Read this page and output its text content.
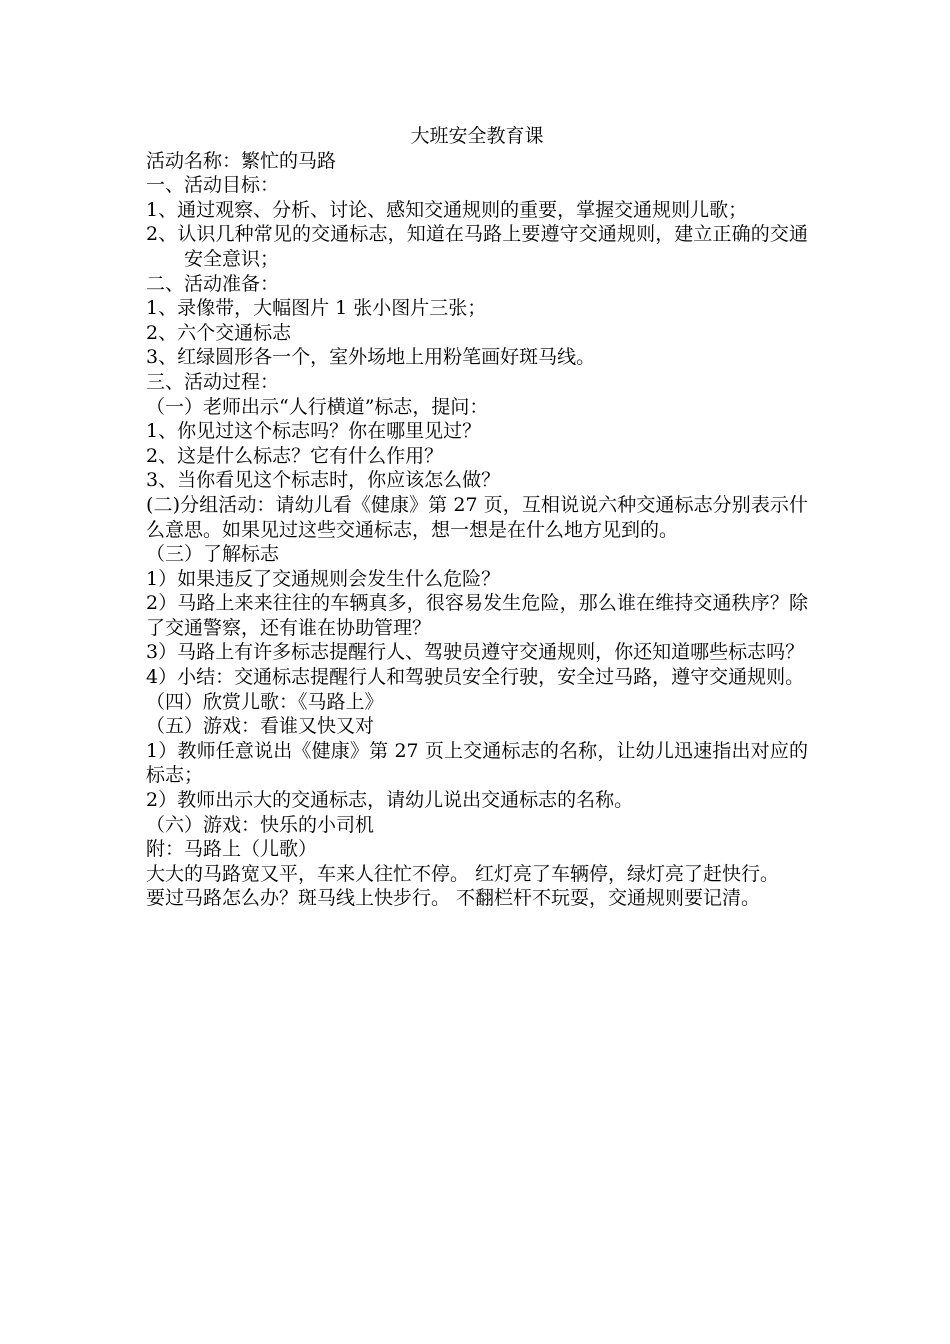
大班安全教育课

活动名称：繁忙的马路

一、活动目标：

1、通过观察、分析、讨论、感知交通规则的重要，掌握交通规则儿歌；

2、认识几种常见的交通标志，知道在马路上要遵守交通规则，建立正确的交通安全意识；

二、活动准备：

1、录像带，大幅图片 1 张小图片三张；

2、六个交通标志

3、红绿圆形各一个，室外场地上用粉笔画好斑马线。

三、活动过程：

（一）老师出示“人行横道”标志，提问：

1、你见过这个标志吗？你在哪里见过？

2、这是什么标志？它有什么作用？

3、当你看见这个标志时，你应该怎么做？

(二)分组活动：请幼儿看《健康》第 27 页，互相说说六种交通标志分别表示什么意思。如果见过这些交通标志，想一想是在什么地方见到的。

（三）了解标志

1）如果违反了交通规则会发生什么危险？

2）马路上来来往往的车辆真多，很容易发生危险，那么谁在维持交通秩序？除了交通警察，还有谁在协助管理？

3）马路上有许多标志提醒行人、驾驶员遵守交通规则，你还知道哪些标志吗？

4）小结：交通标志提醒行人和驾驶员安全行驶，安全过马路，遵守交通规则。

（四）欣赏儿歌：《马路上》

（五）游戏：看谁又快又对

1）教师任意说出《健康》第 27 页上交通标志的名称，让幼儿迅速指出对应的标志；

2）教师出示大的交通标志，请幼儿说出交通标志的名称。

（六）游戏：快乐的小司机

附：马路上（儿歌）

大大的马路宽又平，车来人往忙不停。 红灯亮了车辆停，绿灯亮了赶快行。

要过马路怎么办？斑马线上快步行。 不翻栏杆不玩耍，交通规则要记清。
